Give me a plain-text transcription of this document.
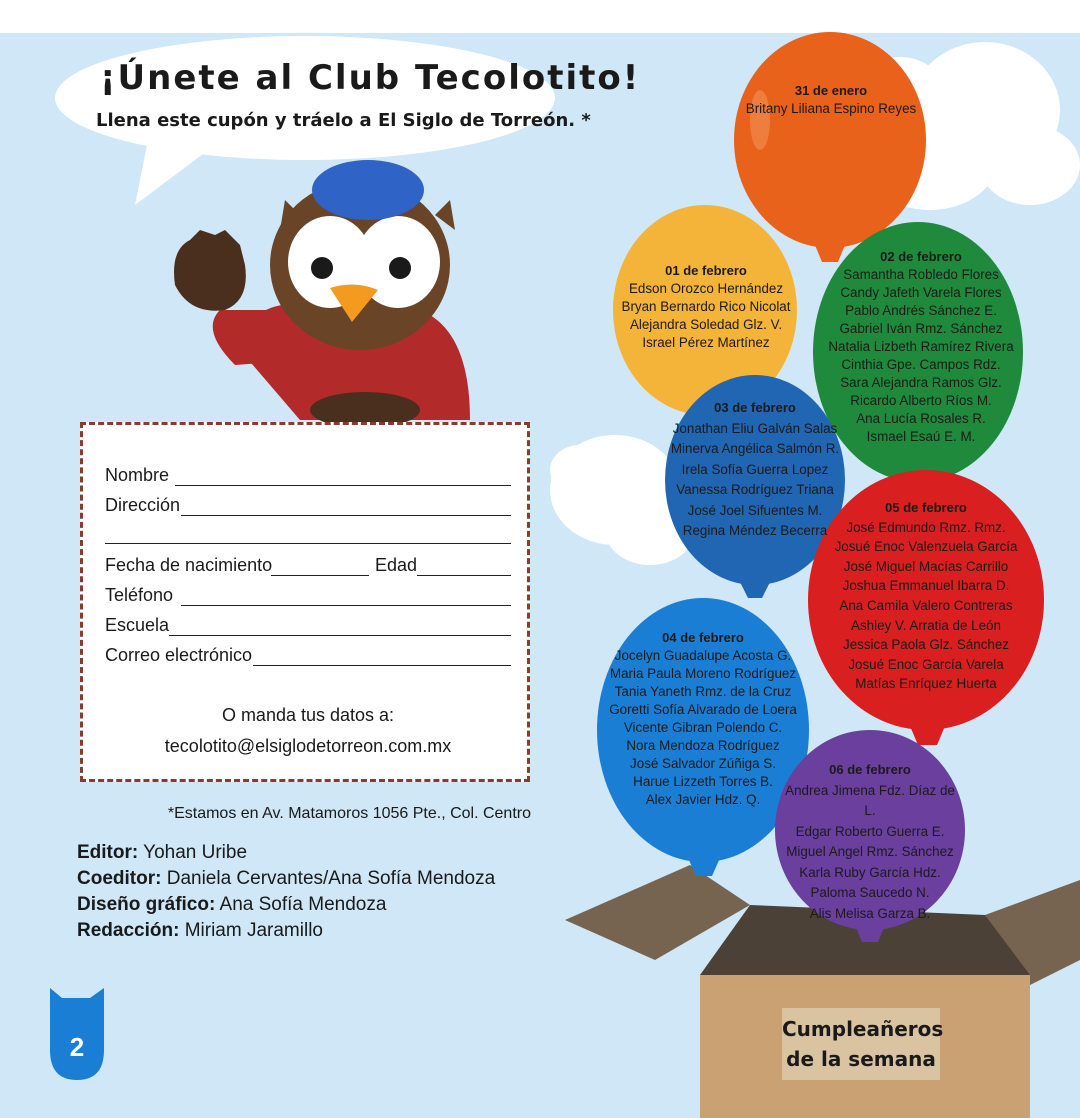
¡Únete al Club Tecolotito!
Llena este cupón y tráelo a El Siglo de Torreón. *
Nombre
Dirección
Fecha de nacimiento	Edad
Teléfono
Escuela
Correo electrónico
O manda tus datos a:
tecolotito@elsiglodetorreon.com.mx
*Estamos en Av. Matamoros 1056 Pte., Col. Centro
Editor: Yohan Uribe
Coeditor: Daniela Cervantes/Ana Sofía Mendoza
Diseño gráfico: Ana Sofía Mendoza
Redacción: Miriam Jaramillo
31 de enero
Britany Liliana Espino Reyes
01 de febrero
Edson Orozco Hernández
Bryan Bernardo Rico Nicolat
Alejandra Soledad Glz. V.
Israel Pérez Martínez
02 de febrero
Samantha Robledo Flores
Candy Jafeth Varela Flores
Pablo Andrés Sánchez E.
Gabriel Iván Rmz. Sánchez
Natalia Lizbeth Ramírez Rivera
Cinthia Gpe. Campos Rdz.
Sara Alejandra Ramos Glz.
Ricardo Alberto Ríos M.
Ana Lucía Rosales R.
Ismael Esaú E. M.
03 de febrero
Jonathan Eliu Galván Salas
Minerva Angélica Salmón R.
Irela Sofía Guerra Lopez
Vanessa Rodríguez Triana
José Joel Sifuentes M.
Regina Méndez Becerra
05 de febrero
José Edmundo Rmz. Rmz.
Josué Enoc Valenzuela García
José Miguel Macías Carrillo
Joshua Emmanuel Ibarra D.
Ana Camila Valero Contreras
Ashley V. Arratia de León
Jessica Paola Glz. Sánchez
Josué Enoc García Varela
Matías Enríquez Huerta
04 de febrero
Jocelyn Guadalupe Acosta G.
Maria Paula Moreno Rodríguez
Tania Yaneth Rmz. de la Cruz
Goretti Sofía Alvarado de Loera
Vicente Gibran Polendo C.
Nora Mendoza Rodríguez
José Salvador Zúñiga S.
Harue Lizzeth Torres B.
Alex Javier Hdz. Q.
06 de febrero
Andrea Jimena Fdz. Díaz de L.
Edgar Roberto Guerra E.
Miguel Angel Rmz. Sánchez
Karla Ruby García Hdz.
Paloma Saucedo N.
Alis Melisa Garza B.
Cumpleañeros
de la semana
2
